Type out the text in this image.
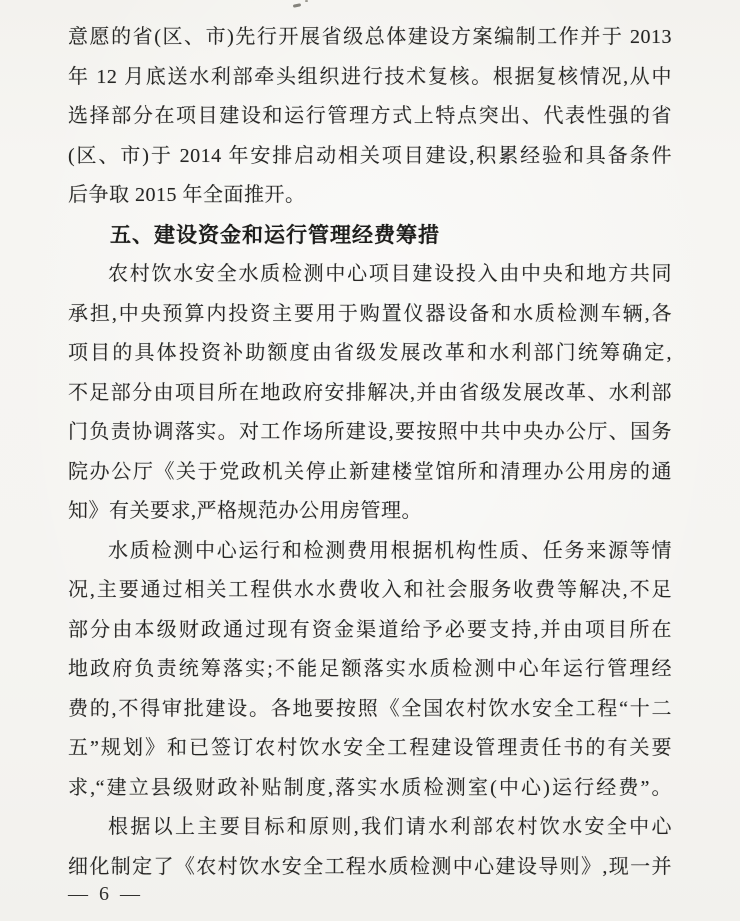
意愿的省(区、市)先行开展省级总体建设方案编制工作并于 2013
年 12 月底送水利部牵头组织进行技术复核。根据复核情况,从中
选择部分在项目建设和运行管理方式上特点突出、代表性强的省
(区、市)于 2014 年安排启动相关项目建设,积累经验和具备条件
后争取 2015 年全面推开。
五、建设资金和运行管理经费筹措
农村饮水安全水质检测中心项目建设投入由中央和地方共同
承担,中央预算内投资主要用于购置仪器设备和水质检测车辆,各
项目的具体投资补助额度由省级发展改革和水利部门统筹确定,
不足部分由项目所在地政府安排解决,并由省级发展改革、水利部
门负责协调落实。对工作场所建设,要按照中共中央办公厅、国务
院办公厅《关于党政机关停止新建楼堂馆所和清理办公用房的通
知》有关要求,严格规范办公用房管理。
水质检测中心运行和检测费用根据机构性质、任务来源等情
况,主要通过相关工程供水水费收入和社会服务收费等解决,不足
部分由本级财政通过现有资金渠道给予必要支持,并由项目所在
地政府负责统筹落实;不能足额落实水质检测中心年运行管理经
费的,不得审批建设。各地要按照《全国农村饮水安全工程“十二
五”规划》和已签订农村饮水安全工程建设管理责任书的有关要
求,“建立县级财政补贴制度,落实水质检测室(中心)运行经费”。
根据以上主要目标和原则,我们请水利部农村饮水安全中心
细化制定了《农村饮水安全工程水质检测中心建设导则》,现一并
— 6 —
